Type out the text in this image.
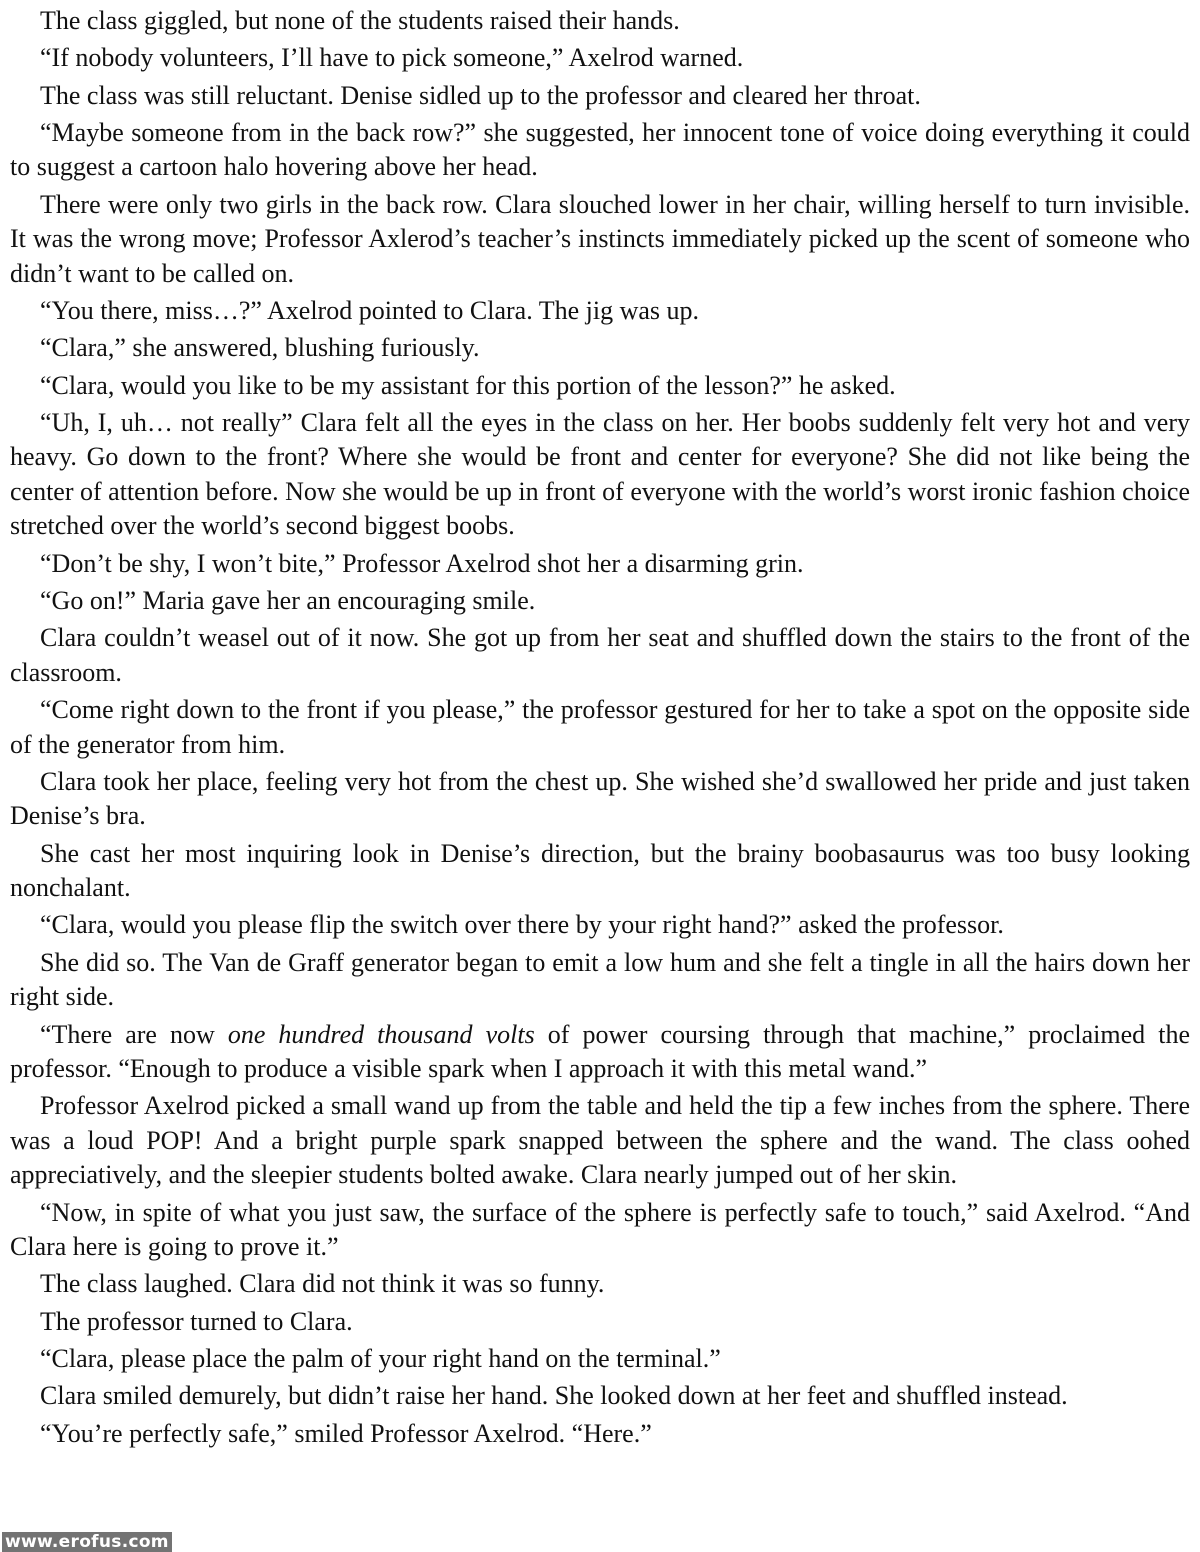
The class giggled, but none of the students raised their hands.

“If nobody volunteers, I’ll have to pick someone,” Axelrod warned.

The class was still reluctant. Denise sidled up to the professor and cleared her throat.

“Maybe someone from in the back row?” she suggested, her innocent tone of voice doing everything it could to suggest a cartoon halo hovering above her head.

There were only two girls in the back row. Clara slouched lower in her chair, willing herself to turn invisible. It was the wrong move; Professor Axlerod’s teacher’s instincts immediately picked up the scent of someone who didn’t want to be called on.

“You there, miss…?” Axelrod pointed to Clara. The jig was up.

“Clara,” she answered, blushing furiously.

“Clara, would you like to be my assistant for this portion of the lesson?” he asked.

“Uh, I, uh… not really” Clara felt all the eyes in the class on her. Her boobs suddenly felt very hot and very heavy. Go down to the front? Where she would be front and center for everyone? She did not like being the center of attention before. Now she would be up in front of everyone with the world’s worst ironic fashion choice stretched over the world’s second biggest boobs.

“Don’t be shy, I won’t bite,” Professor Axelrod shot her a disarming grin.

“Go on!” Maria gave her an encouraging smile.

Clara couldn’t weasel out of it now. She got up from her seat and shuffled down the stairs to the front of the classroom.

“Come right down to the front if you please,” the professor gestured for her to take a spot on the opposite side of the generator from him.

Clara took her place, feeling very hot from the chest up. She wished she’d swallowed her pride and just taken Denise’s bra.

She cast her most inquiring look in Denise’s direction, but the brainy boobasaurus was too busy looking nonchalant.

“Clara, would you please flip the switch over there by your right hand?” asked the professor.

She did so. The Van de Graff generator began to emit a low hum and she felt a tingle in all the hairs down her right side.

“There are now one hundred thousand volts of power coursing through that machine,” proclaimed the professor. “Enough to produce a visible spark when I approach it with this metal wand.”

Professor Axelrod picked a small wand up from the table and held the tip a few inches from the sphere. There was a loud POP! And a bright purple spark snapped between the sphere and the wand. The class oohed appreciatively, and the sleepier students bolted awake. Clara nearly jumped out of her skin.

“Now, in spite of what you just saw, the surface of the sphere is perfectly safe to touch,” said Axelrod. “And Clara here is going to prove it.”

The class laughed. Clara did not think it was so funny.

The professor turned to Clara.

“Clara, please place the palm of your right hand on the terminal.”

Clara smiled demurely, but didn’t raise her hand. She looked down at her feet and shuffled instead.

“You’re perfectly safe,” smiled Professor Axelrod. “Here.”

www.erofus.com
